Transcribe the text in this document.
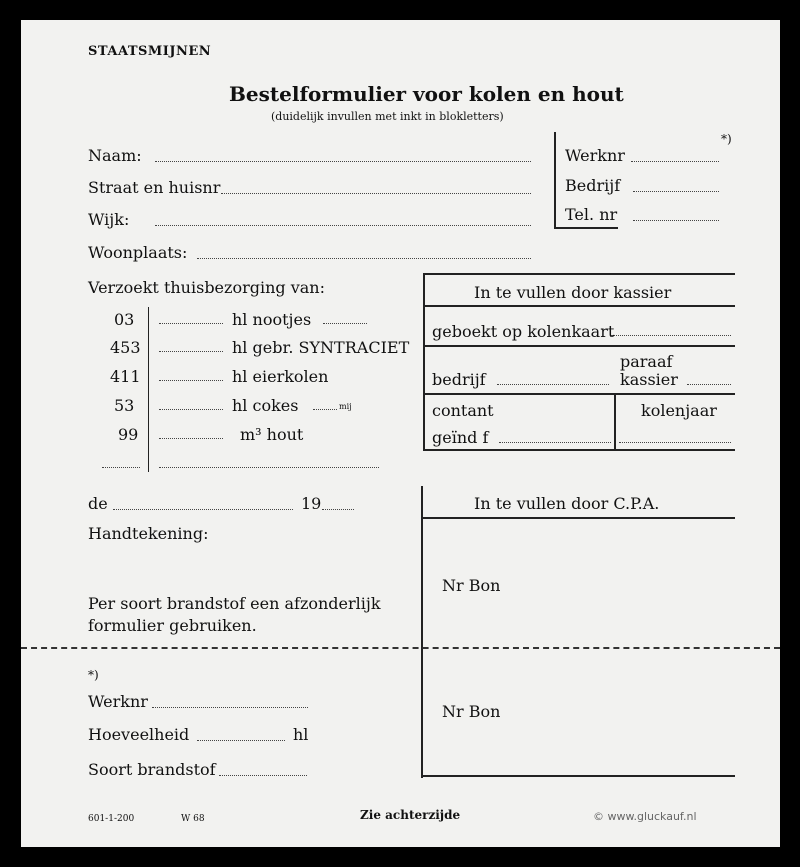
STAATSMIJNEN
Bestelformulier voor kolen en hout
(duidelijk invullen met inkt in blokletters)
Naam:
Straat en huisnr
Wijk:
Woonplaats:
*)
Werknr
Bedrijf
Tel. nr
Verzoekt thuisbezorging van:
03	hl nootjes
453	hl gebr. SYNTRACIET
411	hl eierkolen
53	hl cokes	mij
99	m³ hout
In te vullen door kassier
geboekt op kolenkaart
paraaf
bedrijf	kassier
contant	kolenjaar
geïnd f
de	19
Handtekening:
Per soort brandstof een afzonderlijk
formulier gebruiken.
In te vullen door C.P.A.
Nr Bon
Nr Bon
*)
Werknr
Hoeveelheid	hl
Soort brandstof
601-1-200	W 68	Zie achterzijde	© www.gluckauf.nl
